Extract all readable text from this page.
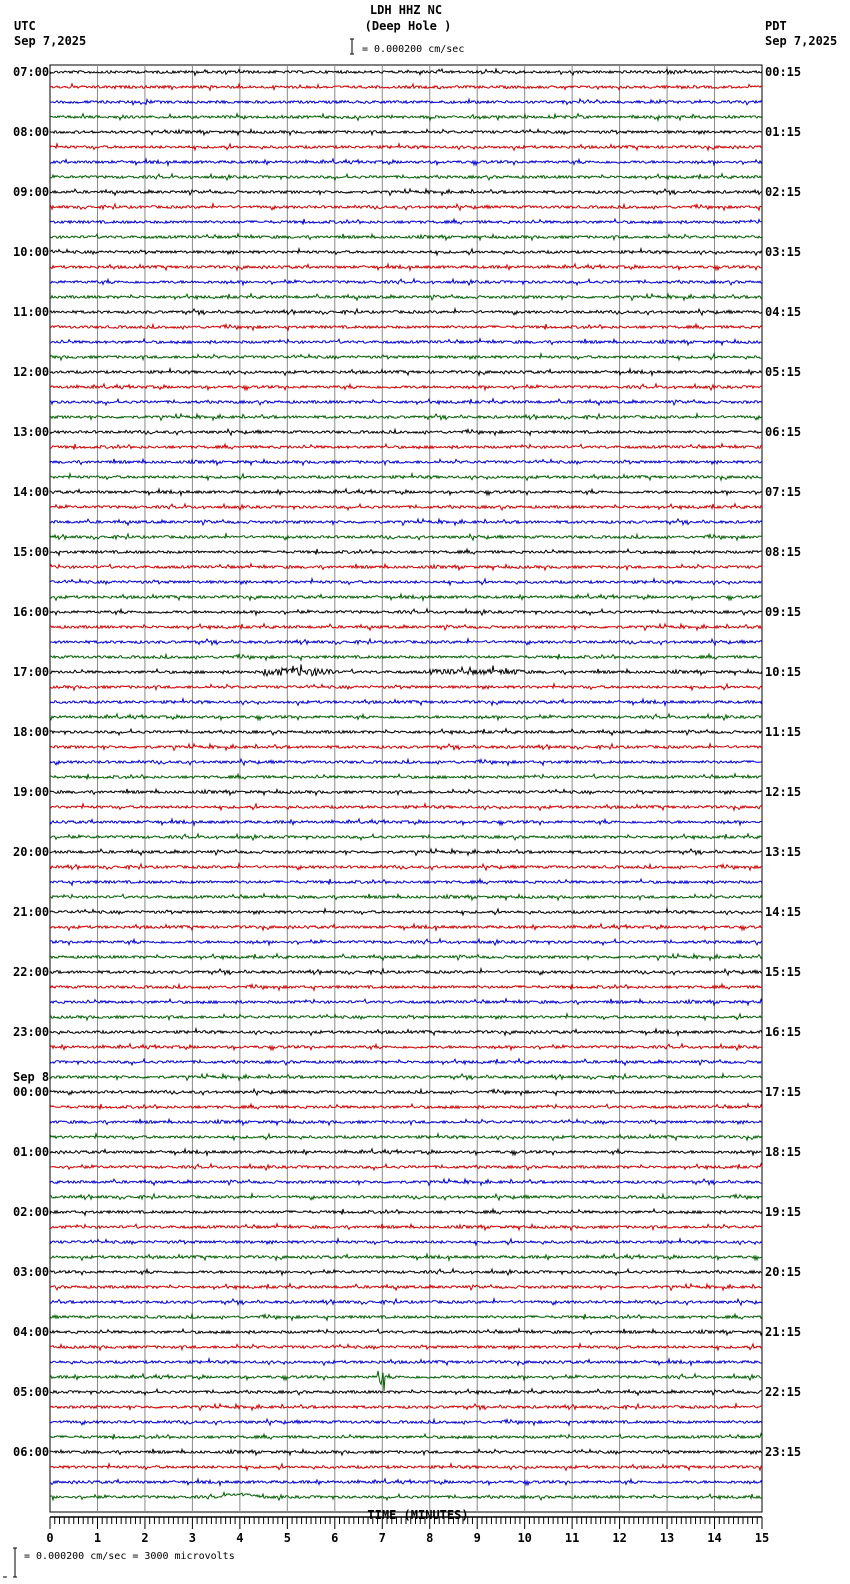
LDH HHZ NC
(Deep Hole )
UTC
Sep 7,2025
PDT
Sep 7,2025
= 0.000200 cm/sec
07:00
08:00
09:00
10:00
11:00
12:00
13:00
14:00
15:00
16:00
17:00
18:00
19:00
20:00
21:00
22:00
23:00
00:00
Sep 8
01:00
02:00
03:00
04:00
05:00
06:00
00:15
01:15
02:15
03:15
04:15
05:15
06:15
07:15
08:15
09:15
10:15
11:15
12:15
13:15
14:15
15:15
16:15
17:15
18:15
19:15
20:15
21:15
22:15
23:15
0	1	2	3	4	5	6	7	8	9	10	11	12	13	14	15
TIME (MINUTES)
= 0.000200 cm/sec = 3000 microvolts
